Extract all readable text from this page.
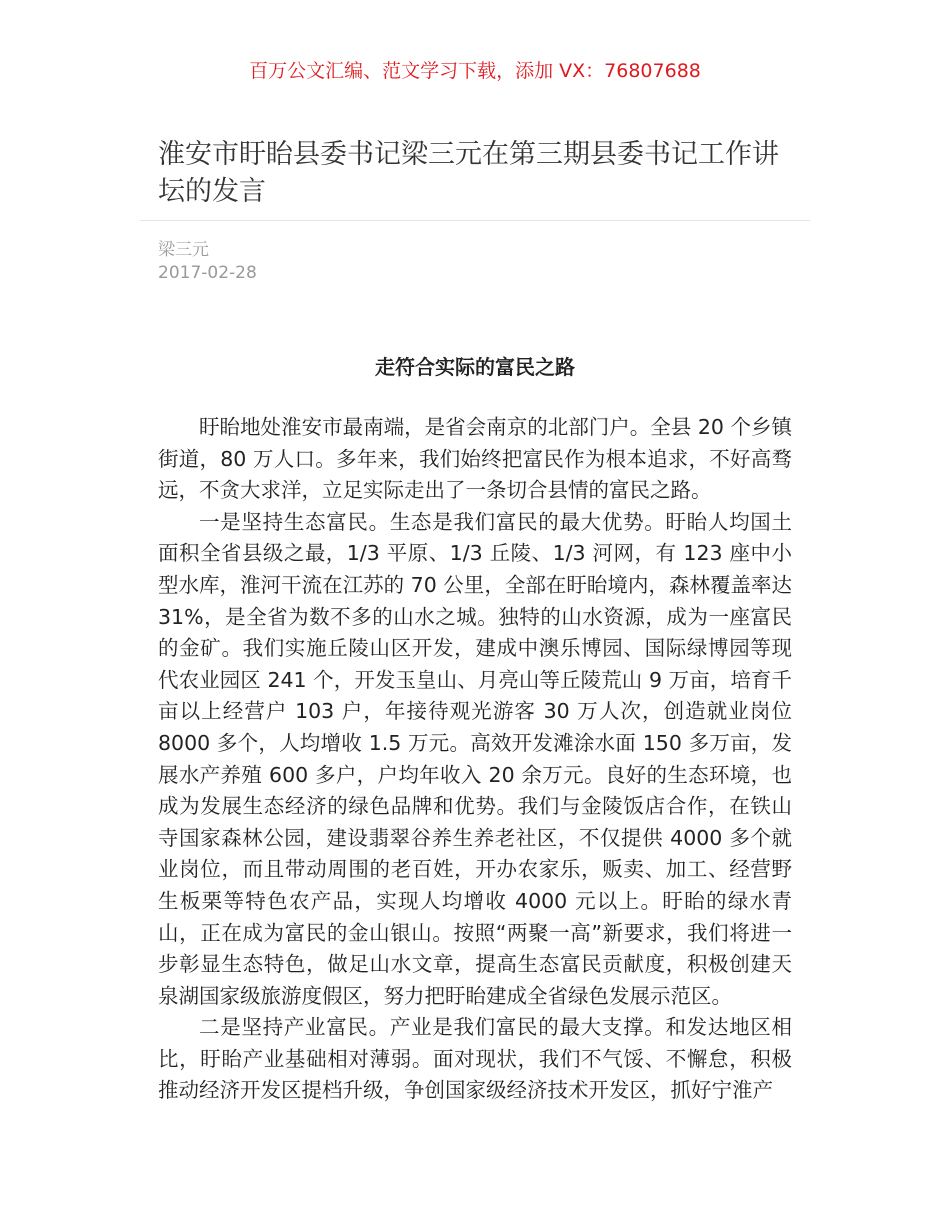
百万公文汇编、范文学习下载，添加 VX：76807688
淮安市盱眙县委书记梁三元在第三期县委书记工作讲坛的发言
梁三元
2017-02-28
走符合实际的富民之路

盱眙地处淮安市最南端，是省会南京的北部门户。全县 20 个乡镇街道，80 万人口。多年来，我们始终把富民作为根本追求，不好高骛远，不贪大求洋，立足实际走出了一条切合县情的富民之路。

一是坚持生态富民。生态是我们富民的最大优势。盱眙人均国土面积全省县级之最，1/3 平原、1/3 丘陵、1/3 河网，有 123 座中小型水库，淮河干流在江苏的 70 公里，全部在盱眙境内，森林覆盖率达 31%，是全省为数不多的山水之城。独特的山水资源，成为一座富民的金矿。我们实施丘陵山区开发，建成中澳乐博园、国际绿博园等现代农业园区 241 个，开发玉皇山、月亮山等丘陵荒山 9 万亩，培育千亩以上经营户 103 户，年接待观光游客 30 万人次，创造就业岗位 8000 多个，人均增收 1.5 万元。高效开发滩涂水面 150 多万亩，发展水产养殖 600 多户，户均年收入 20 余万元。良好的生态环境，也成为发展生态经济的绿色品牌和优势。我们与金陵饭店合作，在铁山寺国家森林公园，建设翡翠谷养生养老社区，不仅提供 4000 多个就业岗位，而且带动周围的老百姓，开办农家乐，贩卖、加工、经营野生板栗等特色农产品，实现人均增收 4000 元以上。盱眙的绿水青山，正在成为富民的金山银山。按照“两聚一高”新要求，我们将进一步彰显生态特色，做足山水文章，提高生态富民贡献度，积极创建天泉湖国家级旅游度假区，努力把盱眙建成全省绿色发展示范区。

二是坚持产业富民。产业是我们富民的最大支撑。和发达地区相比，盱眙产业基础相对薄弱。面对现状，我们不气馁、不懈怠，积极推动经济开发区提档升级，争创国家级经济技术开发区，抓好宁淮产
